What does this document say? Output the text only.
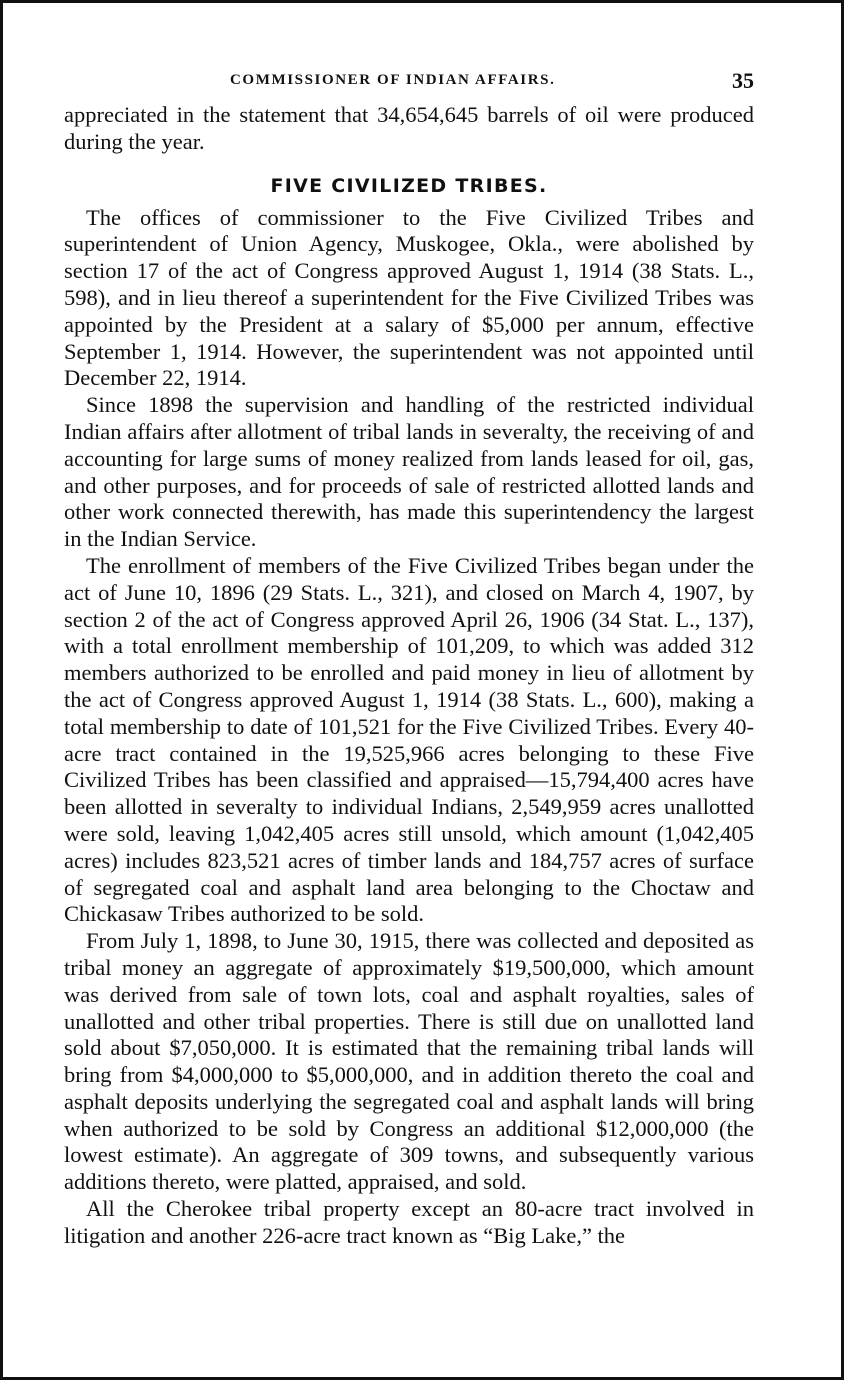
COMMISSIONER OF INDIAN AFFAIRS.	35

appreciated in the statement that 34,654,645 barrels of oil were produced during the year.

FIVE CIVILIZED TRIBES.

The offices of commissioner to the Five Civilized Tribes and superintendent of Union Agency, Muskogee, Okla., were abolished by section 17 of the act of Congress approved August 1, 1914 (38 Stats. L., 598), and in lieu thereof a superintendent for the Five Civilized Tribes was appointed by the President at a salary of $5,000 per annum, effective September 1, 1914. However, the superintendent was not appointed until December 22, 1914.

Since 1898 the supervision and handling of the restricted individual Indian affairs after allotment of tribal lands in severalty, the receiving of and accounting for large sums of money realized from lands leased for oil, gas, and other purposes, and for proceeds of sale of restricted allotted lands and other work connected therewith, has made this superintendency the largest in the Indian Service.

The enrollment of members of the Five Civilized Tribes began under the act of June 10, 1896 (29 Stats. L., 321), and closed on March 4, 1907, by section 2 of the act of Congress approved April 26, 1906 (34 Stat. L., 137), with a total enrollment membership of 101,209, to which was added 312 members authorized to be enrolled and paid money in lieu of allotment by the act of Congress approved August 1, 1914 (38 Stats. L., 600), making a total membership to date of 101,521 for the Five Civilized Tribes. Every 40-acre tract contained in the 19,525,966 acres belonging to these Five Civilized Tribes has been classified and appraised—15,794,400 acres have been allotted in severalty to individual Indians, 2,549,959 acres unallotted were sold, leaving 1,042,405 acres still unsold, which amount (1,042,405 acres) includes 823,521 acres of timber lands and 184,757 acres of surface of segregated coal and asphalt land area belonging to the Choctaw and Chickasaw Tribes authorized to be sold.

From July 1, 1898, to June 30, 1915, there was collected and deposited as tribal money an aggregate of approximately $19,500,000, which amount was derived from sale of town lots, coal and asphalt royalties, sales of unallotted and other tribal properties. There is still due on unallotted land sold about $7,050,000. It is estimated that the remaining tribal lands will bring from $4,000,000 to $5,000,000, and in addition thereto the coal and asphalt deposits underlying the segregated coal and asphalt lands will bring when authorized to be sold by Congress an additional $12,000,000 (the lowest estimate). An aggregate of 309 towns, and subsequently various additions thereto, were platted, appraised, and sold.

All the Cherokee tribal property except an 80-acre tract involved in litigation and another 226-acre tract known as “Big Lake,” the
